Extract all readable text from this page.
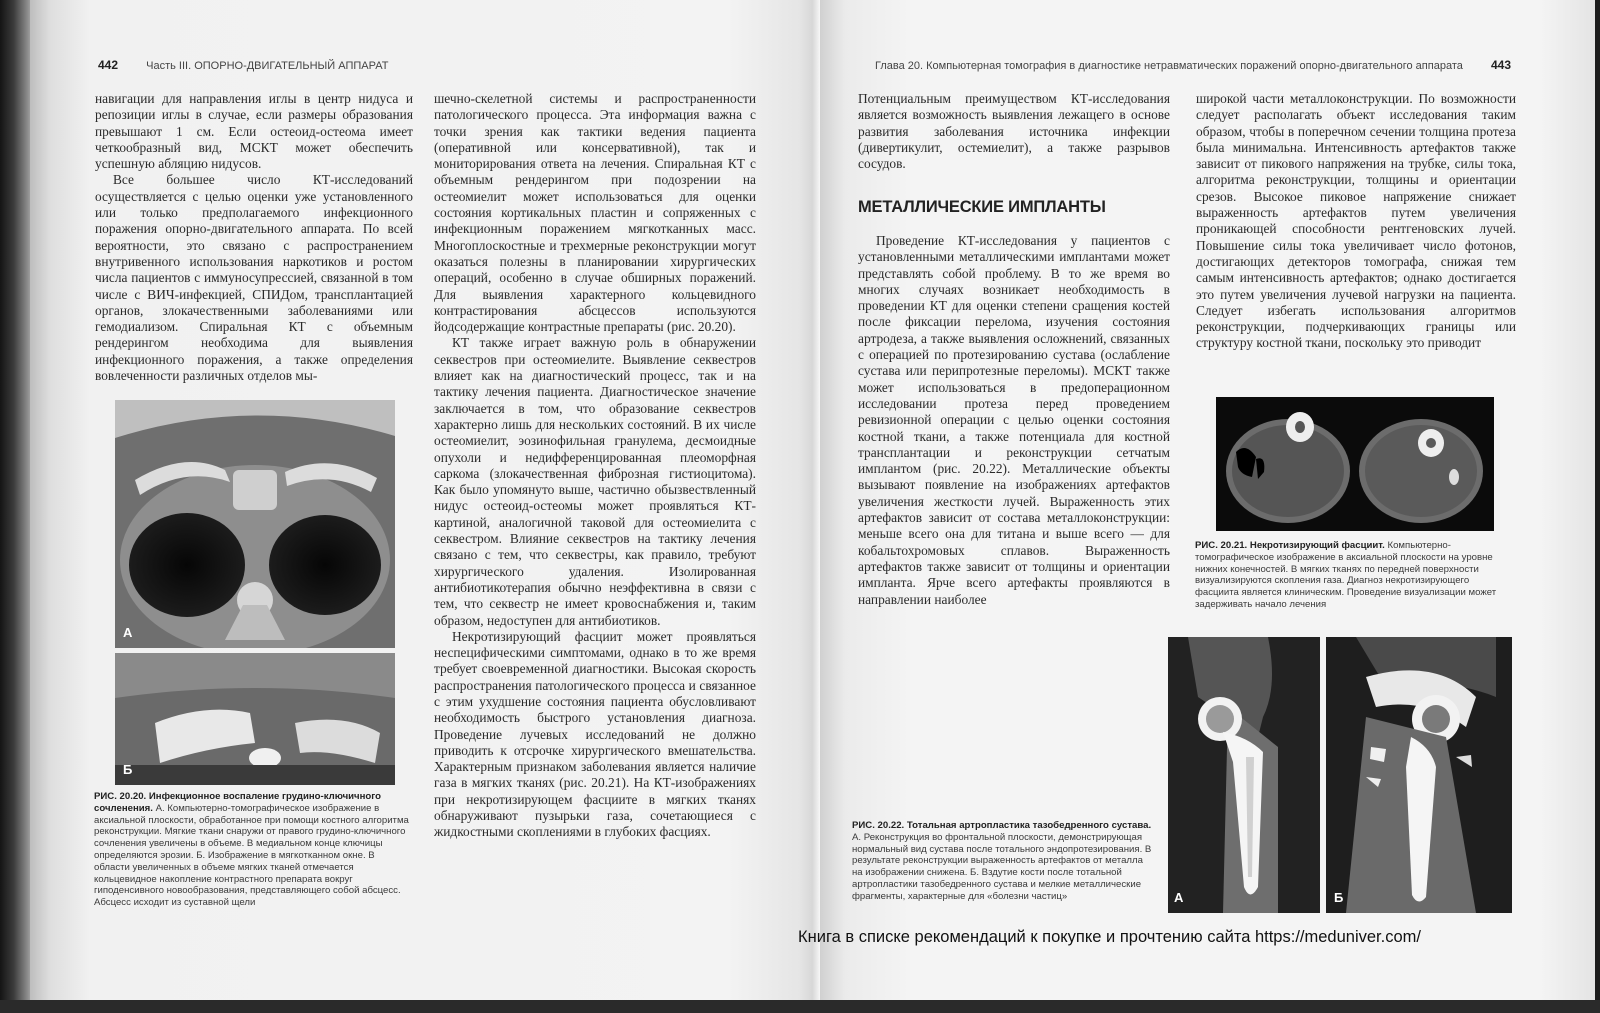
442	Часть III. ОПОРНО-ДВИГАТЕЛЬНЫЙ АППАРАТ

навигации для направления иглы в центр нидуса и репозиции иглы в случае, если размеры образования превышают 1 см. Если остеоид-остеома имеет четкообразный вид, МСКТ может обеспечить успешную абляцию нидусов.

Все большее число КТ-исследований осуществляется с целью оценки уже установленного или только предполагаемого инфекционного поражения опорно-двигательного аппарата. По всей вероятности, это связано с распространением внутривенного использования наркотиков и ростом числа пациентов с иммуносупрессией, связанной в том числе с ВИЧ-инфекцией, СПИДом, трансплантацией органов, злокачественными заболеваниями или гемодиализом. Спиральная КТ с объемным рендерингом необходима для выявления инфекционного поражения, а также определения вовлеченности различных отделов мы-

А
Б
РИС. 20.20. Инфекционное воспаление грудино-ключичного сочленения. А. Компьютерно-томографическое изображение в аксиальной плоскости, обработанное при помощи костного алгоритма реконструкции. Мягкие ткани снаружи от правого грудино-ключичного сочленения увеличены в объеме. В медиальном конце ключицы определяются эрозии. Б. Изображение в мягкотканном окне. В области увеличенных в объеме мягких тканей отмечается кольцевидное накопление контрастного препарата вокруг гиподенсивного новообразования, представляющего собой абсцесс. Абсцесс исходит из суставной щели

шечно-скелетной системы и распространенности патологического процесса. Эта информация важна с точки зрения как тактики ведения пациента (оперативной или консервативной), так и мониторирования ответа на лечения. Спиральная КТ с объемным рендерингом при подозрении на остеомиелит может использоваться для оценки состояния кортикальных пластин и сопряженных с инфекционным поражением мягкотканных масс. Многоплоскостные и трехмерные реконструкции могут оказаться полезны в планировании хирургических операций, особенно в случае обширных поражений. Для выявления характерного кольцевидного контрастирования абсцессов используются йодсодержащие контрастные препараты (рис. 20.20).

КТ также играет важную роль в обнаружении секвестров при остеомиелите. Выявление секвестров влияет как на диагностический процесс, так и на тактику лечения пациента. Диагностическое значение заключается в том, что образование секвестров характерно лишь для нескольких состояний. В их числе остеомиелит, эозинофильная гранулема, десмоидные опухоли и недифференцированная плеоморфная саркома (злокачественная фиброзная гистиоцитома). Как было упомянуто выше, частично обызвествленный нидус остеоид-остеомы может проявляться КТ-картиной, аналогичной таковой для остеомиелита с секвестром. Влияние секвестров на тактику лечения связано с тем, что секвестры, как правило, требуют хирургического удаления. Изолированная антибиотикотерапия обычно неэффективна в связи с тем, что секвестр не имеет кровоснабжения и, таким образом, недоступен для антибиотиков.

Некротизирующий фасциит может проявляться неспецифическими симптомами, однако в то же время требует своевременной диагностики. Высокая скорость распространения патологического процесса и связанное с этим ухудшение состояния пациента обусловливают необходимость быстрого установления диагноза. Проведение лучевых исследований не должно приводить к отсрочке хирургического вмешательства. Характерным признаком заболевания является наличие газа в мягких тканях (рис. 20.21). На КТ-изображениях при некротизирующем фасциите в мягких тканях обнаруживают пузырьки газа, сочетающиеся с жидкостными скоплениями в глубоких фасциях.

Глава 20. Компьютерная томография в диагностике нетравматических поражений опорно-двигательного аппарата 443

Потенциальным преимуществом КТ-исследования является возможность выявления лежащего в основе развития заболевания источника инфекции (дивертикулит, остемиелит), а также разрывов сосудов.

МЕТАЛЛИЧЕСКИЕ ИМПЛАНТЫ

Проведение КТ-исследования у пациентов с установленными металлическими имплантами может представлять собой проблему. В то же время во многих случаях возникает необходимость в проведении КТ для оценки степени сращения костей после фиксации перелома, изучения состояния артродеза, а также выявления осложнений, связанных с операцией по протезированию сустава (ослабление сустава или перипротезные переломы). МСКТ также может использоваться в предоперационном исследовании протеза перед проведением ревизионной операции с целью оценки состояния костной ткани, а также потенциала для костной трансплантации и реконструкции сетчатым имплантом (рис. 20.22). Металлические объекты вызывают появление на изображениях артефактов увеличения жесткости лучей. Выраженность этих артефактов зависит от состава металлоконструкции: меньше всего она для титана и выше всего — для кобальтохромовых сплавов. Выраженность артефактов также зависит от толщины и ориентации импланта. Ярче всего артефакты проявляются в направлении наиболее

широкой части металлоконструкции. По возможности следует располагать объект исследования таким образом, чтобы в поперечном сечении толщина протеза была минимальна. Интенсивность артефактов также зависит от пикового напряжения на трубке, силы тока, алгоритма реконструкции, толщины и ориентации срезов. Высокое пиковое напряжение снижает выраженность артефактов путем увеличения проникающей способности рентгеновских лучей. Повышение силы тока увеличивает число фотонов, достигающих детекторов томографа, снижая тем самым интенсивность артефактов; однако достигается это путем увеличения лучевой нагрузки на пациента. Следует избегать использования алгоритмов реконструкции, подчеркивающих границы или структуру костной ткани, поскольку это приводит

РИС. 20.21. Некротизирующий фасциит. Компьютерно-томографическое изображение в аксиальной плоскости на уровне нижних конечностей. В мягких тканях по передней поверхности визуализируются скопления газа. Диагноз некротизирующего фасциита является клиническим. Проведение визуализации может задерживать начало лечения
А	Б
РИС. 20.22. Тотальная артропластика тазобедренного сустава. А. Реконструкция во фронтальной плоскости, демонстрирующая нормальный вид сустава после тотального эндопротезирования. В результате реконструкции выраженность артефактов от металла на изображении снижена. Б. Вздутие кости после тотальной артропластики тазобедренного сустава и мелкие металлические фрагменты, характерные для «болезни частиц»
Книга в списке рекомендаций к покупке и прочтению сайта https://meduniver.com/
